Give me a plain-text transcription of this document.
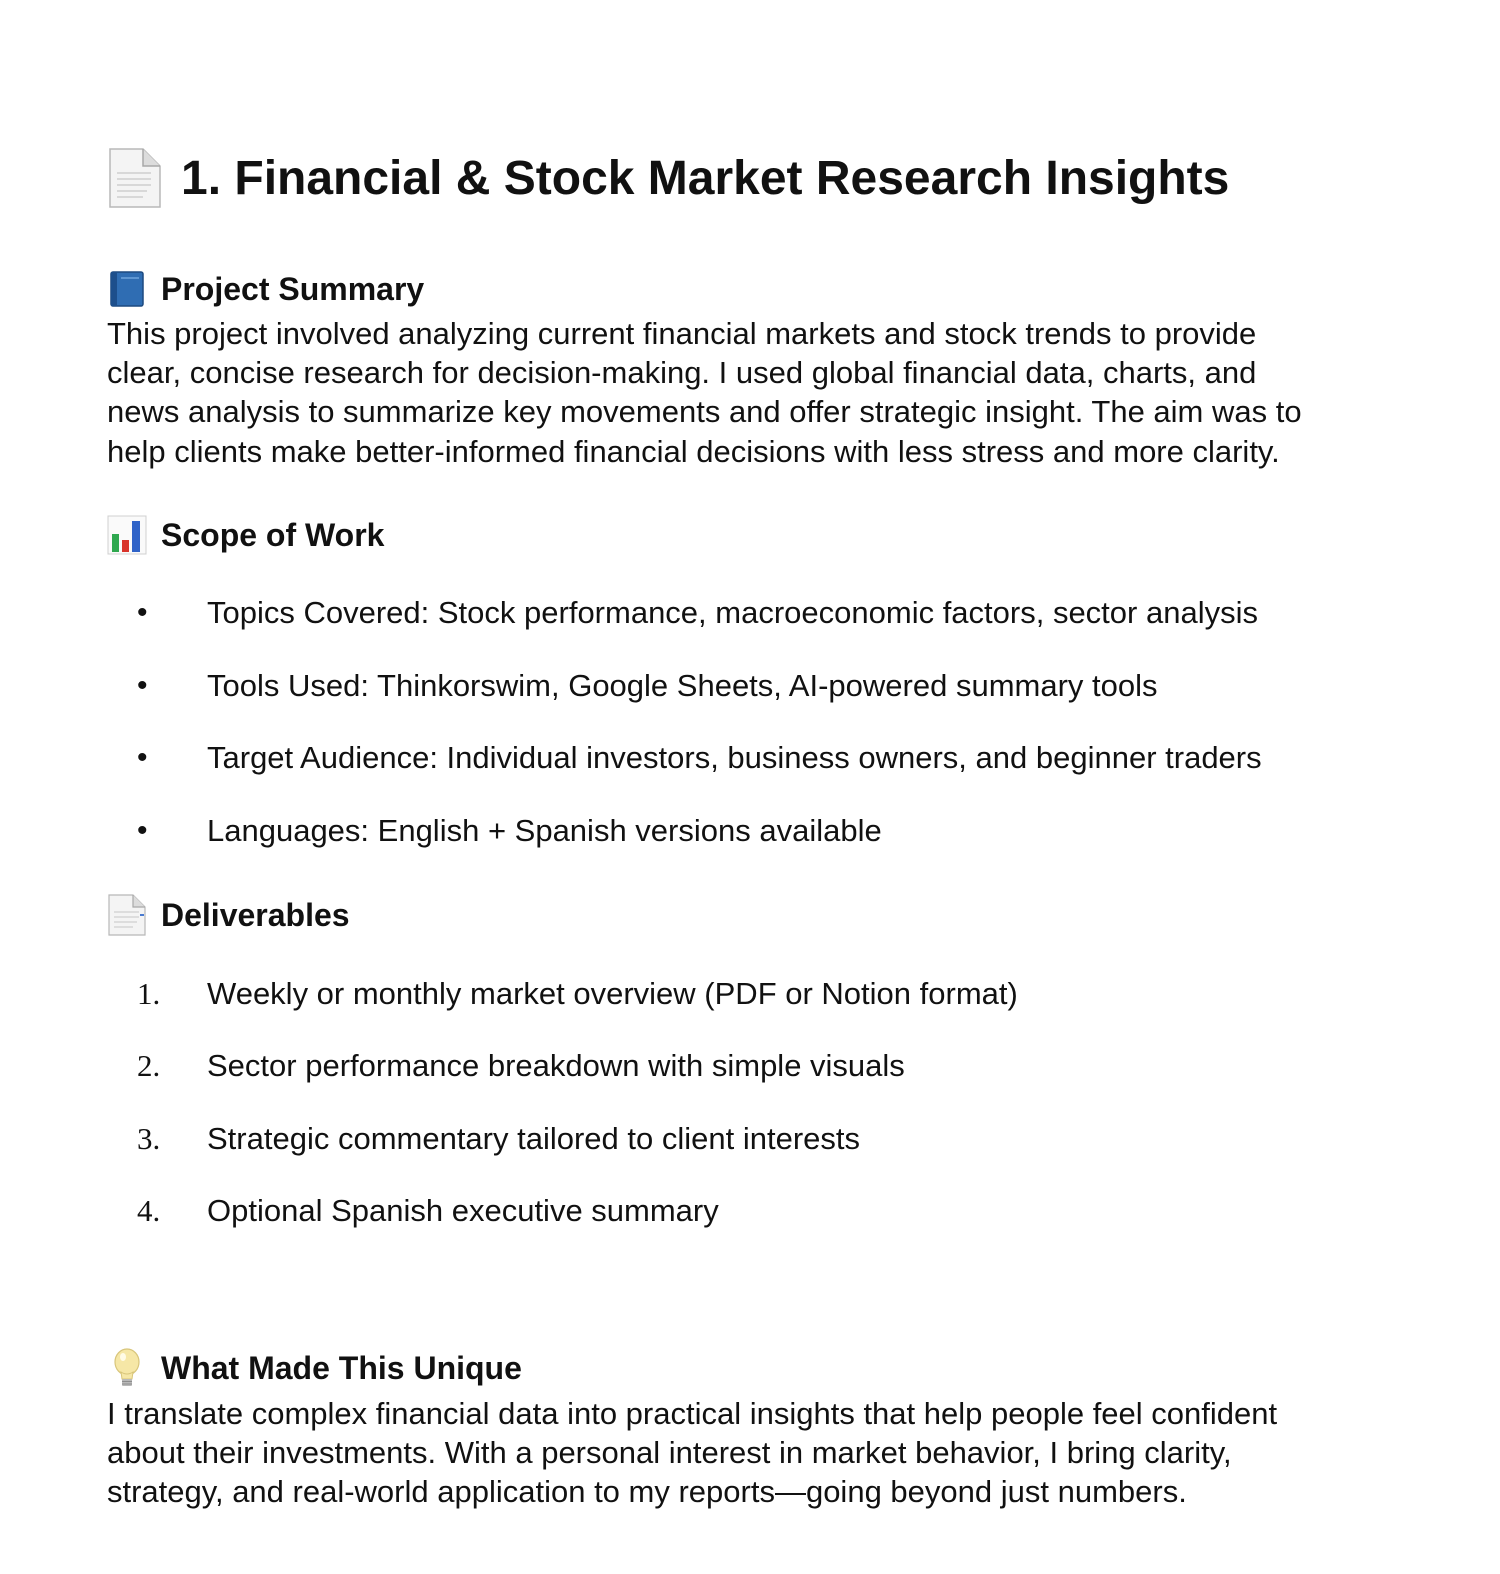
1. Financial & Stock Market Research Insights
Project Summary
This project involved analyzing current financial markets and stock trends to provide
clear, concise research for decision-making. I used global financial data, charts, and
news analysis to summarize key movements and offer strategic insight. The aim was to
help clients make better-informed financial decisions with less stress and more clarity.
Scope of Work
•	Topics Covered: Stock performance, macroeconomic factors, sector analysis
•	Tools Used: Thinkorswim, Google Sheets, AI-powered summary tools
•	Target Audience: Individual investors, business owners, and beginner traders
•	Languages: English + Spanish versions available
Deliverables
1.	Weekly or monthly market overview (PDF or Notion format)
2.	Sector performance breakdown with simple visuals
3.	Strategic commentary tailored to client interests
4.	Optional Spanish executive summary
What Made This Unique
I translate complex financial data into practical insights that help people feel confident
about their investments. With a personal interest in market behavior, I bring clarity,
strategy, and real-world application to my reports—going beyond just numbers.
